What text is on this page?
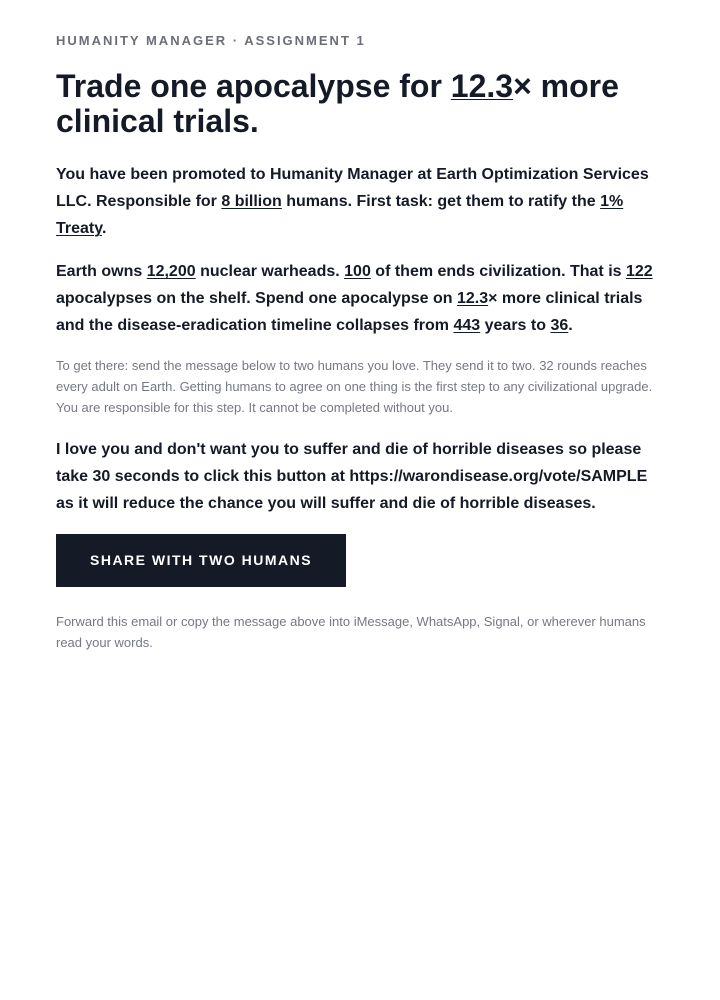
HUMANITY MANAGER · ASSIGNMENT 1
Trade one apocalypse for 12.3× more clinical trials.

You have been promoted to Humanity Manager at Earth Optimization Services LLC. Responsible for 8 billion humans. First task: get them to ratify the 1% Treaty.

Earth owns 12,200 nuclear warheads. 100 of them ends civilization. That is 122 apocalypses on the shelf. Spend one apocalypse on 12.3× more clinical trials and the disease-eradication timeline collapses from 443 years to 36.

To get there: send the message below to two humans you love. They send it to two. 32 rounds reaches every adult on Earth. Getting humans to agree on one thing is the first step to any civilizational upgrade. You are responsible for this step. It cannot be completed without you.

I love you and don't want you to suffer and die of horrible diseases so please take 30 seconds to click this button at https://warondisease.org/vote/SAMPLE as it will reduce the chance you will suffer and die of horrible diseases.

SHARE WITH TWO HUMANS

Forward this email or copy the message above into iMessage, WhatsApp, Signal, or wherever humans read your words.
